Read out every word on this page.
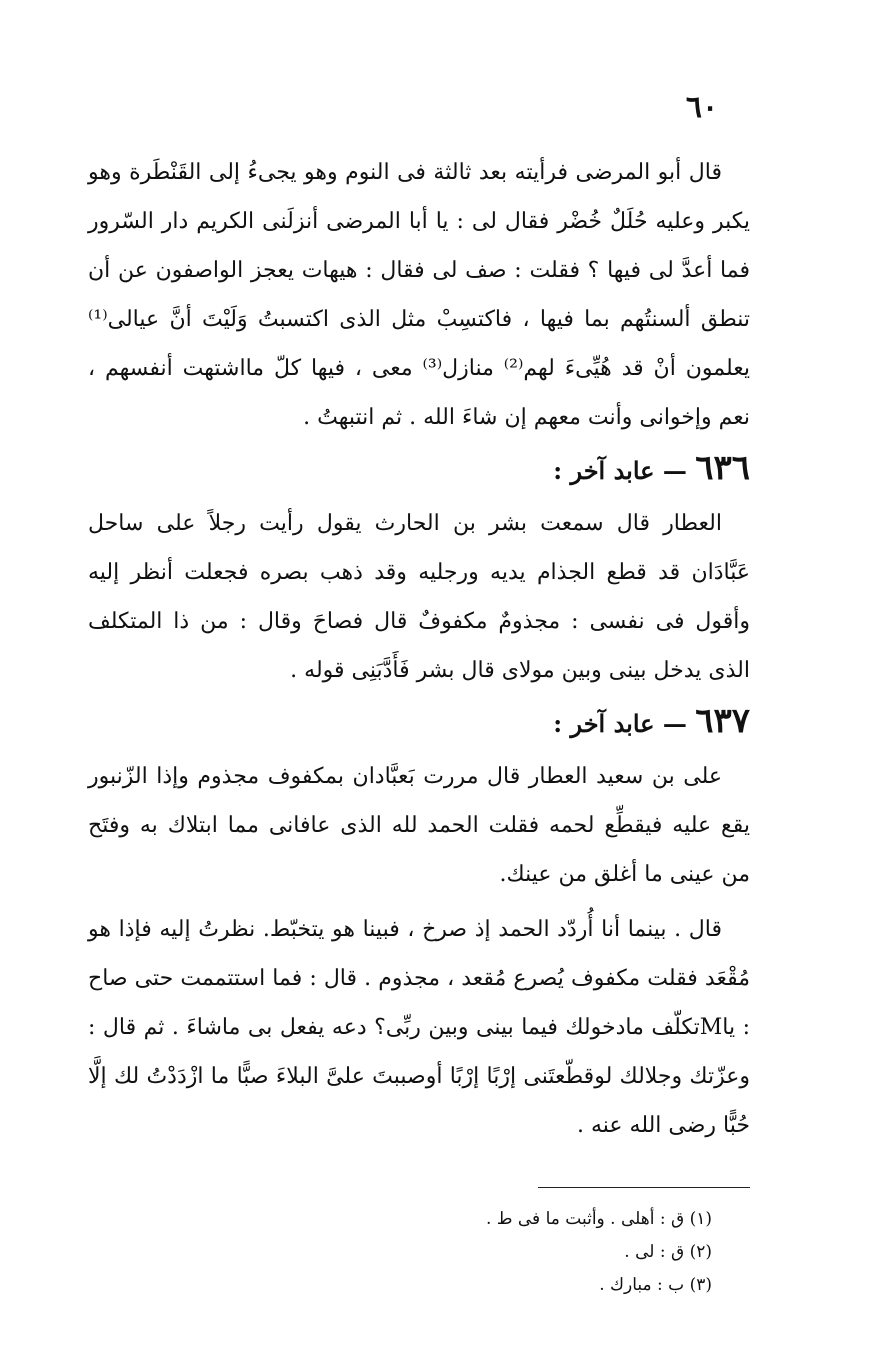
٦٠

قال أبو المرضى فرأيته بعد ثالثة فى النوم وهو يجىءُ إلى القَنْطَرة وهو يكبر وعليه حُلَلٌ خُضْر فقال لى : يا أبا المرضى أنزلَنى الكريم دار السّرور فما أعدَّ لى فيها ؟ فقلت : صف لى فقال : هيهات يعجز الواصفون عن أن تنطق ألسنتُهم بما فيها ، فاكتسِبْ مثل الذى اكتسبتُ وَلَيْتَ أنَّ عيالى⁽¹⁾ يعلمون أنْ قد هُيِّىءَ لهم⁽²⁾ منازل⁽³⁾ معى ، فيها كلّ مااشتهت أنفسهم ، نعم وإخوانى وأنت معهم إن شاءَ الله . ثم انتبهتُ .

٦٣٦ — عابد آخر :

العطار قال سمعت بشر بن الحارث يقول رأيت رجلاً على ساحل عَبَّادَان قد قطع الجذام يديه ورجليه وقد ذهب بصره فجعلت أنظر إليه وأقول فى نفسى : مجذومٌ مكفوفٌ قال فصاحَ وقال : من ذا المتكلف الذى يدخل بينى وبين مولاى قال بشر فَأَدَّبَنِى قوله .

٦٣٧ — عابد آخر :

على بن سعيد العطار قال مررت بَعبَّادان بمكفوف مجذوم وإذا الزّنبور يقع عليه فيقطِّع لحمه فقلت الحمد لله الذى عافانى مما ابتلاك به وفتَح من عينى ما أغلق من عينك.

قال . بينما أنا أُردّد الحمد إذ صرخ ، فبينا هو يتخبّط. نظرتُ إليه فإذا هو مُقْعَد فقلت مكفوف يُصرع مُقعد ، مجذوم . قال : فما استتممت حتى صاح : ياMتكلّف مادخولك فيما بينى وبين ربِّى؟ دعه يفعل بى ماشاءَ . ثم قال : وعزّتك وجلالك لوقطّعتَنى إرْبًا إرْبًا أوصببتَ علىَّ البلاءَ صبًّا ما ازْدَدْتُ لك إلَّا حُبًّا رضى الله عنه .

(١) ق : أهلى . وأثبت ما فى ط .

(٢) ق : لى .

(٣) ب : مبارك .
